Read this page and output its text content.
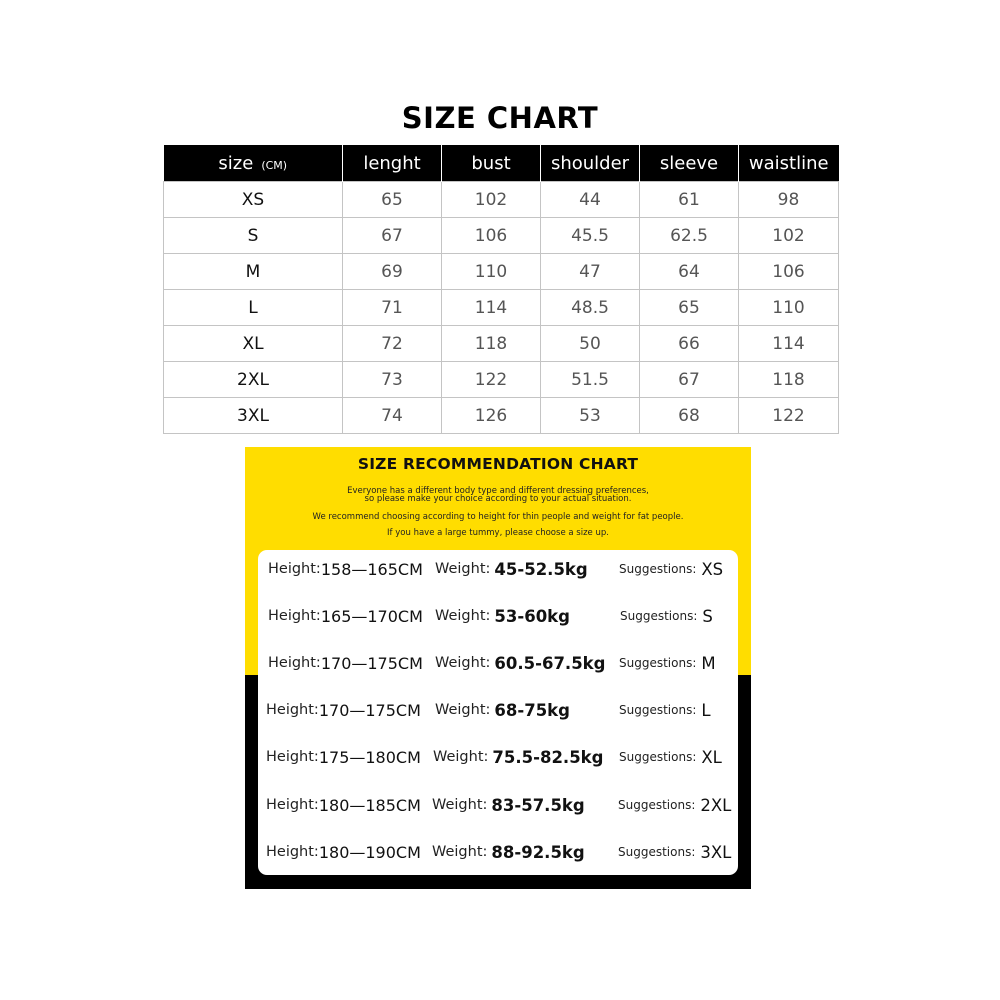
SIZE CHART
size (CM)	lenght	bust	shoulder	sleeve	waistline
XS	65	102	44	61	98
S	67	106	45.5	62.5	102
M	69	110	47	64	106
L	71	114	48.5	65	110
XL	72	118	50	66	114
2XL	73	122	51.5	67	118
3XL	74	126	53	68	122
SIZE RECOMMENDATION CHART
Everyone has a different body type and different dressing preferences,
so please make your choice according to your actual situation.
We recommend choosing according to height for thin people and weight for fat people.
If you have a large tummy, please choose a size up.
Height: 158—165CM Weight: 45-52.5kg	Suggestions: XS
Height: 165—170CM Weight: 53-60kg	Suggestions: S
Height: 170—175CM Weight: 60.5-67.5kg Suggestions: M
Height: 170—175CM Weight: 68-75kg	Suggestions: L
Height: 175—180CM Weight: 75.5-82.5kg Suggestions: XL
Height: 180—185CM Weight: 83-57.5kg	Suggestions: 2XL
Height: 180—190CM Weight: 88-92.5kg	Suggestions: 3XL
